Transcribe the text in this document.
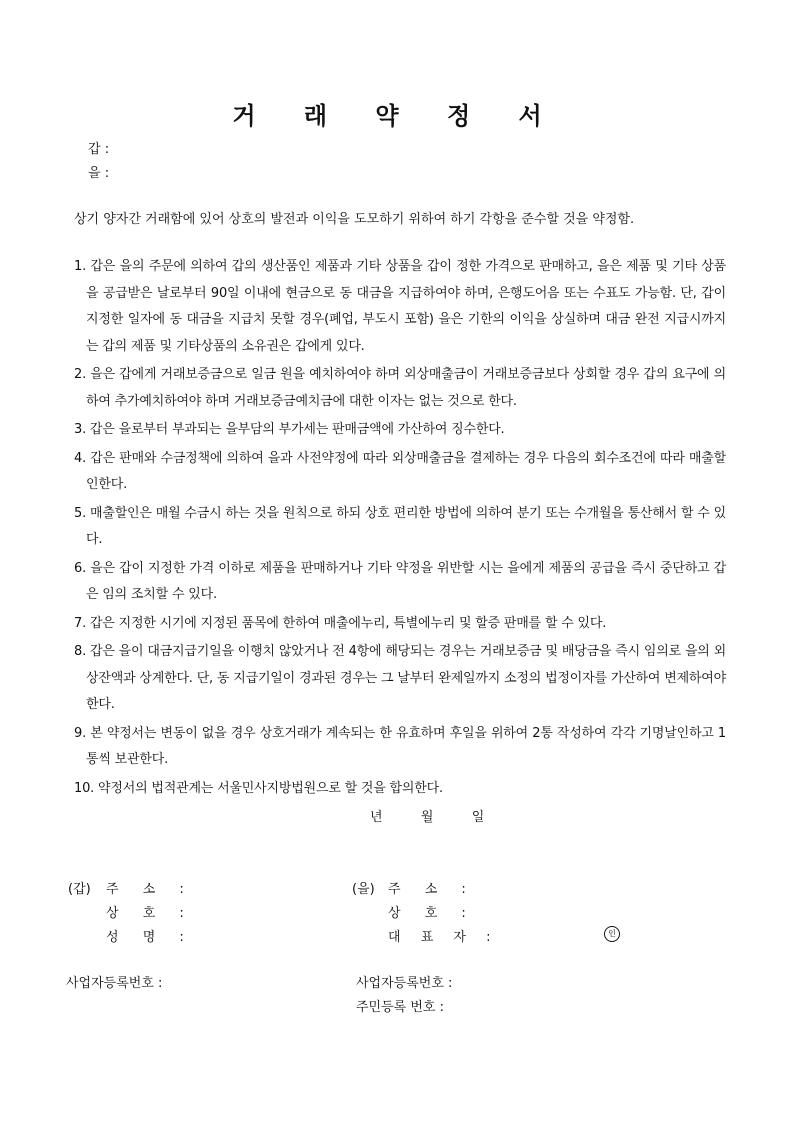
거 래 약 정 서
갑 :
을 :
상기 양자간 거래함에 있어 상호의 발전과 이익을 도모하기 위하여 하기 각항을 준수할 것을 약정함.
1. 갑은 을의 주문에 의하여 갑의 생산품인 제품과 기타 상품을 갑이 정한 가격으로 판매하고, 을은 제품 및 기타 상품을 공급받은 날로부터 90일 이내에 현금으로 동 대금을 지급하여야 하며, 은행도어음 또는 수표도 가능함. 단, 갑이 지정한 일자에 동 대금을 지급치 못할 경우(폐업, 부도시 포함) 을은 기한의 이익을 상실하며 대금 완전 지급시까지는 갑의 제품 및 기타상품의 소유권은 갑에게 있다.
2. 을은 갑에게 거래보증금으로 일금 원을 예치하여야 하며 외상매출금이 거래보증금보다 상회할 경우 갑의 요구에 의하여 추가예치하여야 하며 거래보증금예치금에 대한 이자는 없는 것으로 한다.
3. 갑은 을로부터 부과되는 을부담의 부가세는 판매금액에 가산하여 징수한다.
4. 갑은 판매와 수금정책에 의하여 을과 사전약정에 따라 외상매출금을 결제하는 경우 다음의 회수조건에 따라 매출할인한다.
5. 매출할인은 매월 수금시 하는 것을 원칙으로 하되 상호 편리한 방법에 의하여 분기 또는 수개월을 통산해서 할 수 있다.
6. 을은 갑이 지정한 가격 이하로 제품을 판매하거나 기타 약정을 위반할 시는 을에게 제품의 공급을 즉시 중단하고 갑은 임의 조치할 수 있다.
7. 갑은 지정한 시기에 지정된 품목에 한하여 매출에누리, 특별에누리 및 할증 판매를 할 수 있다.
8. 갑은 을이 대금지급기일을 이행치 않았거나 전 4항에 해당되는 경우는 거래보증금 및 배당금을 즉시 임의로 을의 외상잔액과 상계한다. 단, 동 지급기일이 경과된 경우는 그 날부터 완제일까지 소정의 법정이자를 가산하여 변제하여야 한다.
9. 본 약정서는 변동이 없을 경우 상호거래가 계속되는 한 유효하며 후일을 위하여 2통 작성하여 각각 기명날인하고 1통씩 보관한다.
10. 약정서의 법적관계는 서울민사지방법원으로 할 것을 합의한다.
년	월	일
(갑) 주 소 :
상 호 :
성 명 :
사업자등록번호 :
(을) 주 소 :
상 호 :
대 표 자 :	인
사업자등록번호 :
주민등록 번호 :
